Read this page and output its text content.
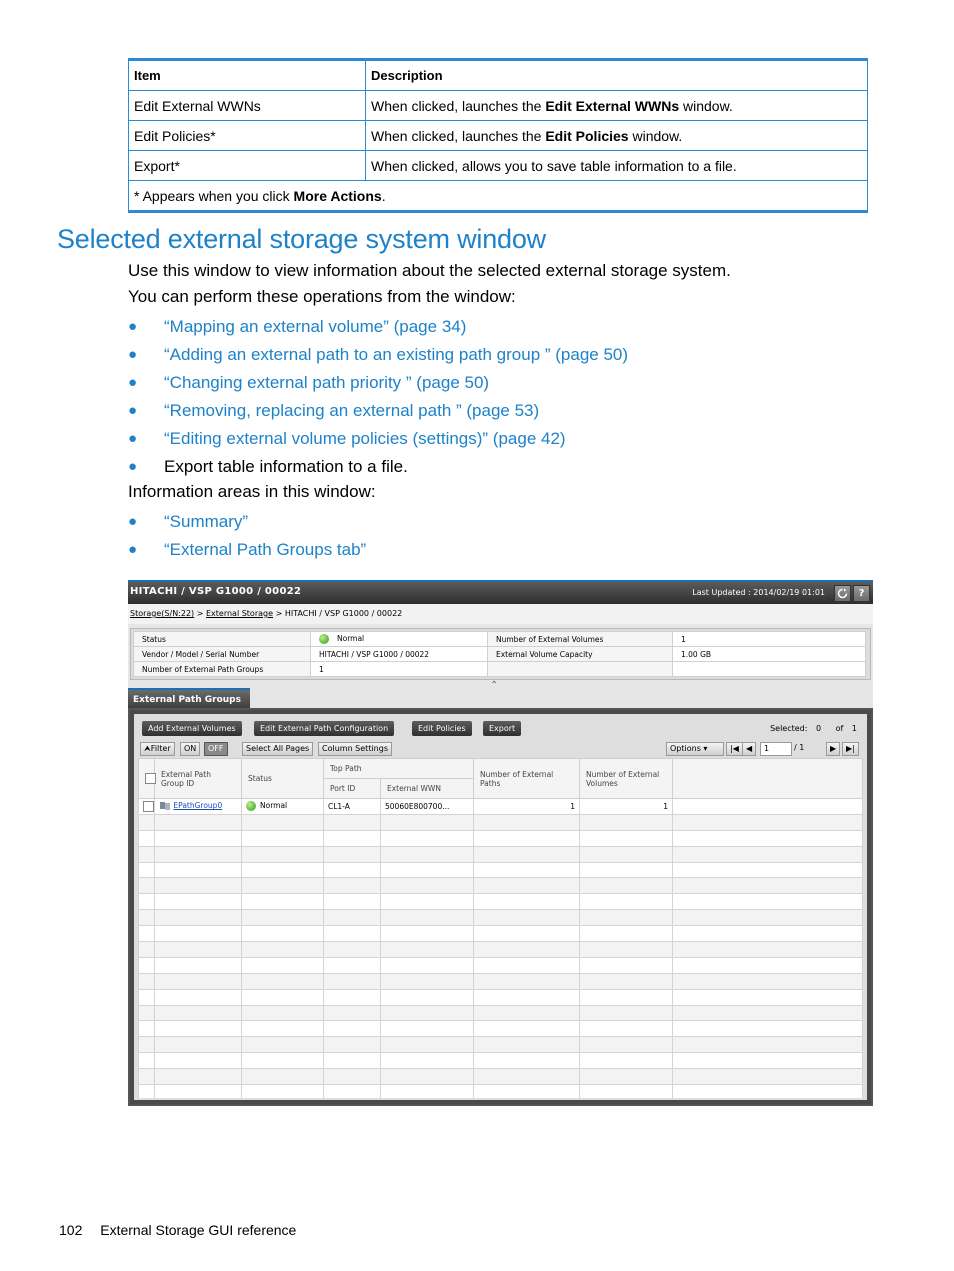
Item	Description
Edit External WWNs	When clicked, launches the Edit External WWNs window.
Edit Policies*	When clicked, launches the Edit Policies window.
Export*	When clicked, allows you to save table information to a file.
* Appears when you click More Actions.	
Selected external storage system window

Use this window to view information about the selected external storage system.

You can perform these operations from the window:

● “Mapping an external volume” (page 34)
● “Adding an external path to an existing path group ” (page 50)
● “Changing external path priority ” (page 50)
● “Removing, replacing an external path ” (page 53)
● “Editing external volume policies (settings)” (page 42)
● Export table information to a file.

Information areas in this window:

● “Summary”
● “External Path Groups tab”
HITACHI / VSP G1000 / 00022	Last Updated : 2014/02/19 01:01	?
Storage(S/N:22) > External Storage > HITACHI / VSP G1000 / 00022
Status	Normal	Number of External Volumes	1
Vendor / Model / Serial Number	HITACHI / VSP G1000 / 00022	External Volume Capacity	1.00 GB
Number of External Path Groups	1		
⌃
External Path Groups
Add External Volumes	Edit External Path Configuration	Edit Policies	Export	Selected: 0 of 1
⮝Filter	ON	OFF	Select All Pages	Column Settings	Options ▾	|◀ ◀	1	/ 1	▶	▶|
	External Path Group ID	Status	Top Path		Number of External Paths	Number of External Volumes	
			Port ID	External WWN			
	EPathGroup0	Normal	CL1-A	50060E800700...	1	1	

102 External Storage GUI reference
